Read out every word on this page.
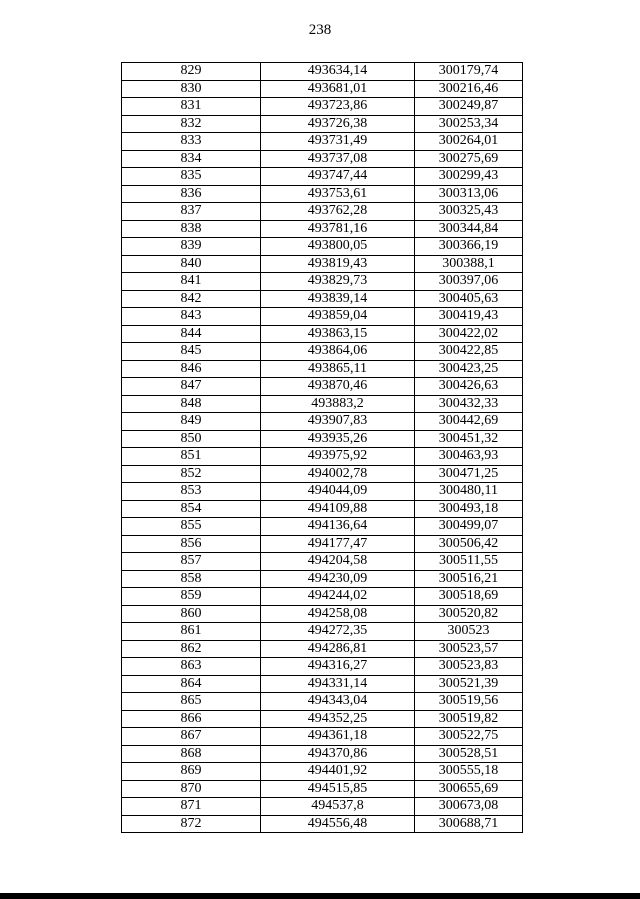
238
829	493634,14	300179,74
830	493681,01	300216,46
831	493723,86	300249,87
832	493726,38	300253,34
833	493731,49	300264,01
834	493737,08	300275,69
835	493747,44	300299,43
836	493753,61	300313,06
837	493762,28	300325,43
838	493781,16	300344,84
839	493800,05	300366,19
840	493819,43	300388,1
841	493829,73	300397,06
842	493839,14	300405,63
843	493859,04	300419,43
844	493863,15	300422,02
845	493864,06	300422,85
846	493865,11	300423,25
847	493870,46	300426,63
848	493883,2	300432,33
849	493907,83	300442,69
850	493935,26	300451,32
851	493975,92	300463,93
852	494002,78	300471,25
853	494044,09	300480,11
854	494109,88	300493,18
855	494136,64	300499,07
856	494177,47	300506,42
857	494204,58	300511,55
858	494230,09	300516,21
859	494244,02	300518,69
860	494258,08	300520,82
861	494272,35	300523
862	494286,81	300523,57
863	494316,27	300523,83
864	494331,14	300521,39
865	494343,04	300519,56
866	494352,25	300519,82
867	494361,18	300522,75
868	494370,86	300528,51
869	494401,92	300555,18
870	494515,85	300655,69
871	494537,8	300673,08
872	494556,48	300688,71
